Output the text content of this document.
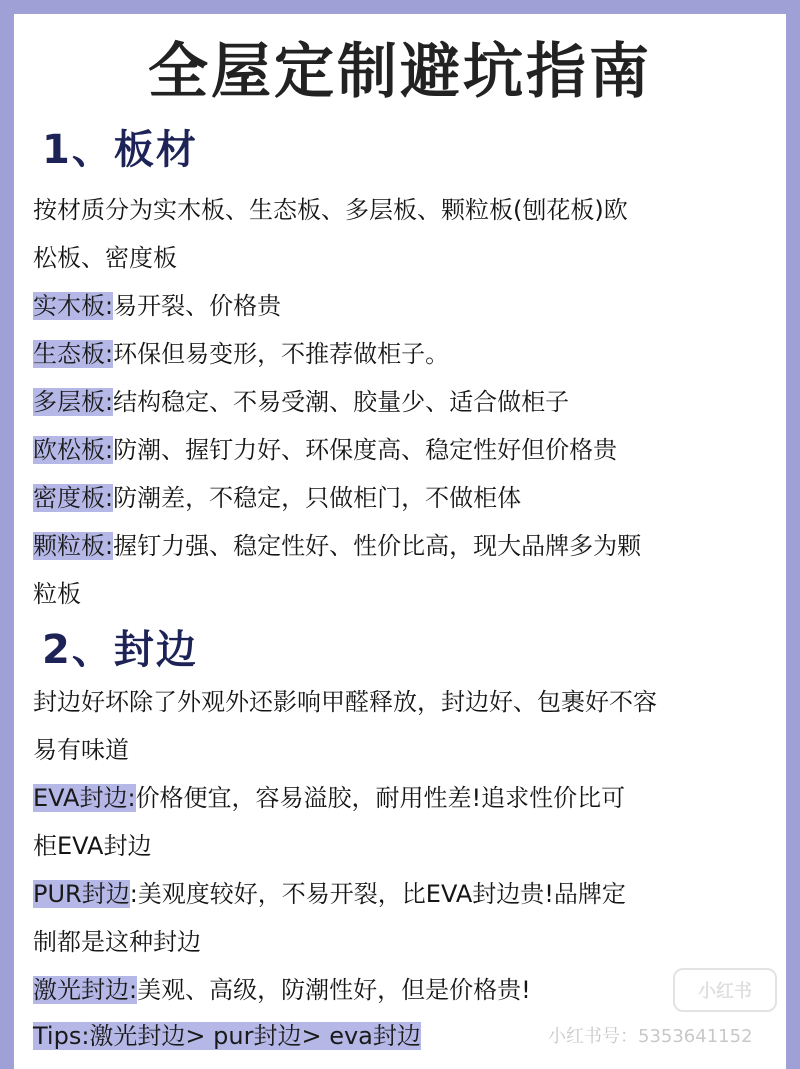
全屋定制避坑指南
1、板材
按材质分为实木板、生态板、多层板、颗粒板(刨花板)欧
松板、密度板
实木板:易开裂、价格贵
生态板:环保但易变形，不推荐做柜子。
多层板:结构稳定、不易受潮、胶量少、适合做柜子
欧松板:防潮、握钉力好、环保度高、稳定性好但价格贵
密度板:防潮差，不稳定，只做柜门，不做柜体
颗粒板:握钉力强、稳定性好、性价比高，现大品牌多为颗
粒板
2、封边
封边好坏除了外观外还影响甲醛释放，封边好、包裹好不容
易有味道
EVA封边:价格便宜，容易溢胶，耐用性差!追求性价比可
柜EVA封边
PUR封边:美观度较好，不易开裂，比EVA封边贵!品牌定
制都是这种封边
激光封边:美观、高级，防潮性好，但是价格贵!
Tips:激光封边> pur封边> eva封边
小红书
小红书号：5353641152
